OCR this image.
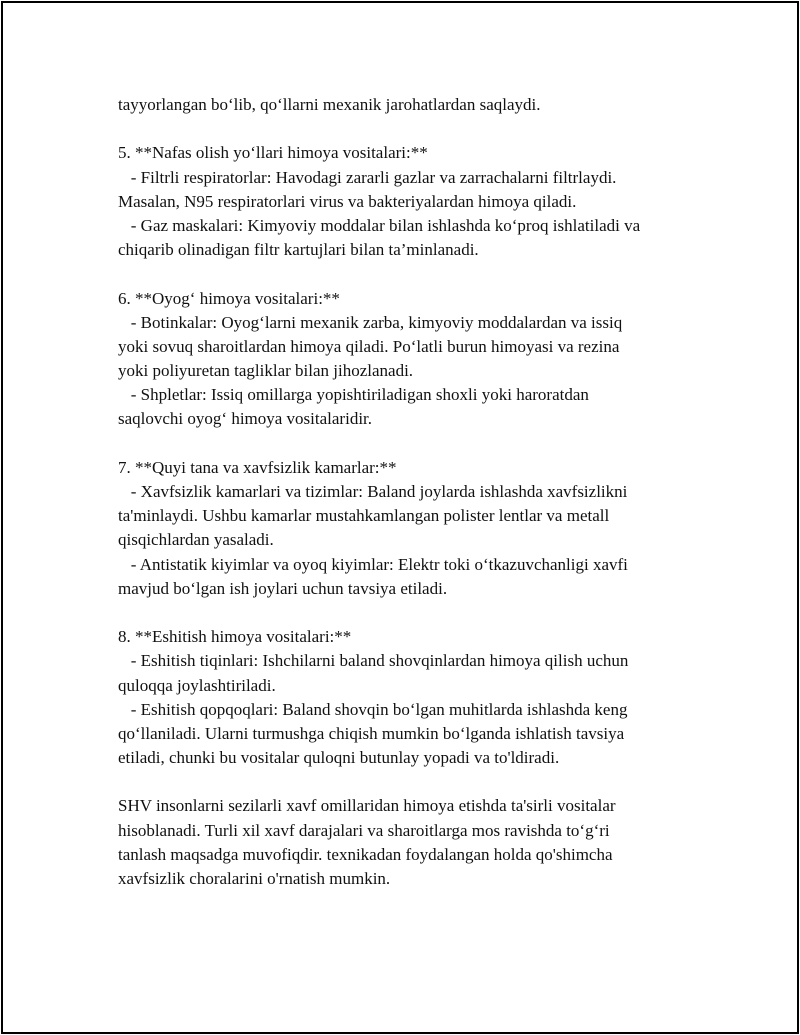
tayyorlangan bo‘lib, qo‘llarni mexanik jarohatlardan saqlaydi.
5. **Nafas olish yo‘llari himoya vositalari:**
- Filtrli respiratorlar: Havodagi zararli gazlar va zarrachalarni filtrlaydi.
Masalan, N95 respiratorlari virus va bakteriyalardan himoya qiladi.
- Gaz maskalari: Kimyoviy moddalar bilan ishlashda ko‘proq ishlatiladi va
chiqarib olinadigan filtr kartujlari bilan ta’minlanadi.
6. **Oyog‘ himoya vositalari:**
- Botinkalar: Oyog‘larni mexanik zarba, kimyoviy moddalardan va issiq
yoki sovuq sharoitlardan himoya qiladi. Po‘latli burun himoyasi va rezina
yoki poliyuretan tagliklar bilan jihozlanadi.
- Shpletlar: Issiq omillarga yopishtiriladigan shoxli yoki haroratdan
saqlovchi oyog‘ himoya vositalaridir.
7. **Quyi tana va xavfsizlik kamarlar:**
- Xavfsizlik kamarlari va tizimlar: Baland joylarda ishlashda xavfsizlikni
ta'minlaydi. Ushbu kamarlar mustahkamlangan polister lentlar va metall
qisqichlardan yasaladi.
- Antistatik kiyimlar va oyoq kiyimlar: Elektr toki o‘tkazuvchanligi xavfi
mavjud bo‘lgan ish joylari uchun tavsiya etiladi.
8. **Eshitish himoya vositalari:**
- Eshitish tiqinlari: Ishchilarni baland shovqinlardan himoya qilish uchun
quloqqa joylashtiriladi.
- Eshitish qopqoqlari: Baland shovqin bo‘lgan muhitlarda ishlashda keng
qo‘llaniladi. Ularni turmushga chiqish mumkin bo‘lganda ishlatish tavsiya
etiladi, chunki bu vositalar quloqni butunlay yopadi va to'ldiradi.
SHV insonlarni sezilarli xavf omillaridan himoya etishda ta'sirli vositalar
hisoblanadi. Turli xil xavf darajalari va sharoitlarga mos ravishda to‘g‘ri
tanlash maqsadga muvofiqdir. texnikadan foydalangan holda qo'shimcha
xavfsizlik choralarini o'rnatish mumkin.
